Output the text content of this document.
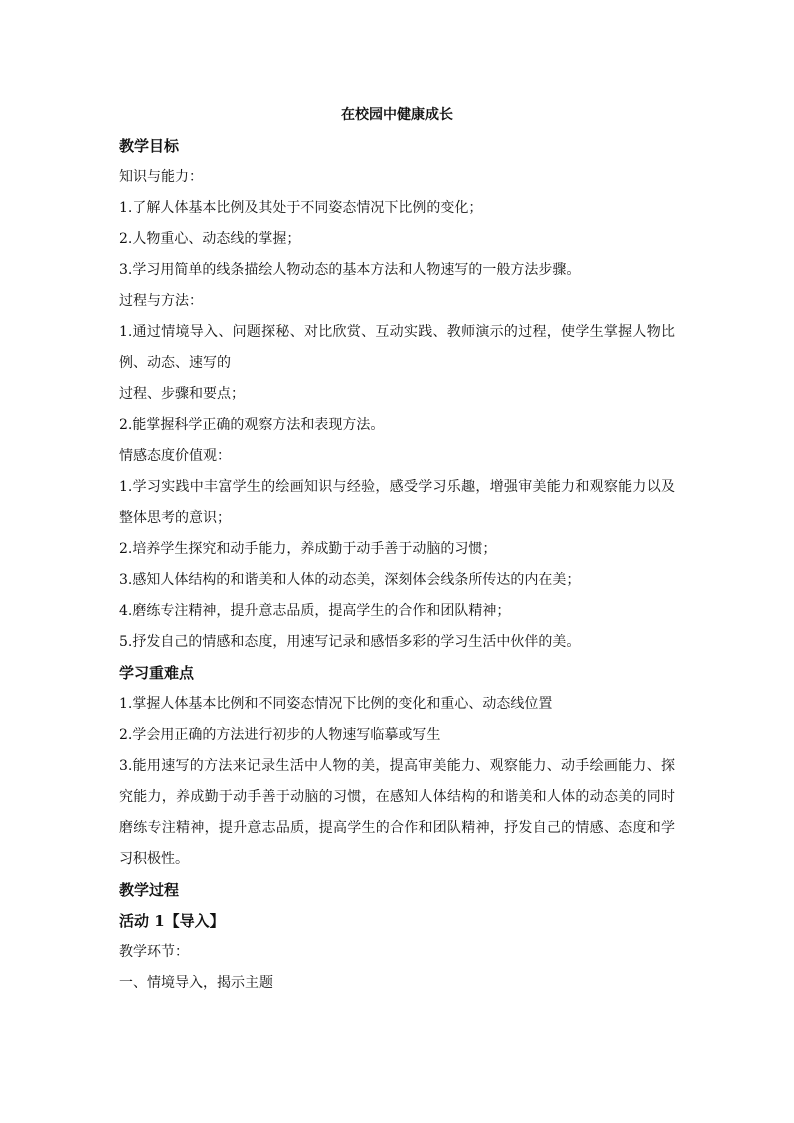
在校园中健康成长
教学目标
知识与能力：
1.了解人体基本比例及其处于不同姿态情况下比例的变化；
2.人物重心、动态线的掌握；
3.学习用简单的线条描绘人物动态的基本方法和人物速写的一般方法步骤。
过程与方法：
1.通过情境导入、问题探秘、对比欣赏、互动实践、教师演示的过程，使学生掌握人物比例、动态、速写的
过程、步骤和要点；
2.能掌握科学正确的观察方法和表现方法。
情感态度价值观：
1.学习实践中丰富学生的绘画知识与经验，感受学习乐趣，增强审美能力和观察能力以及整体思考的意识；
2.培养学生探究和动手能力，养成勤于动手善于动脑的习惯；
3.感知人体结构的和谐美和人体的动态美，深刻体会线条所传达的内在美；
4.磨练专注精神，提升意志品质，提高学生的合作和团队精神；
5.抒发自己的情感和态度，用速写记录和感悟多彩的学习生活中伙伴的美。
学习重难点
1.掌握人体基本比例和不同姿态情况下比例的变化和重心、动态线位置
2.学会用正确的方法进行初步的人物速写临摹或写生
3.能用速写的方法来记录生活中人物的美，提高审美能力、观察能力、动手绘画能力、探究能力，养成勤于动手善于动脑的习惯，在感知人体结构的和谐美和人体的动态美的同时磨练专注精神，提升意志品质，提高学生的合作和团队精神，抒发自己的情感、态度和学习积极性。
教学过程
活动 1【导入】
教学环节：
一、情境导入，揭示主题
